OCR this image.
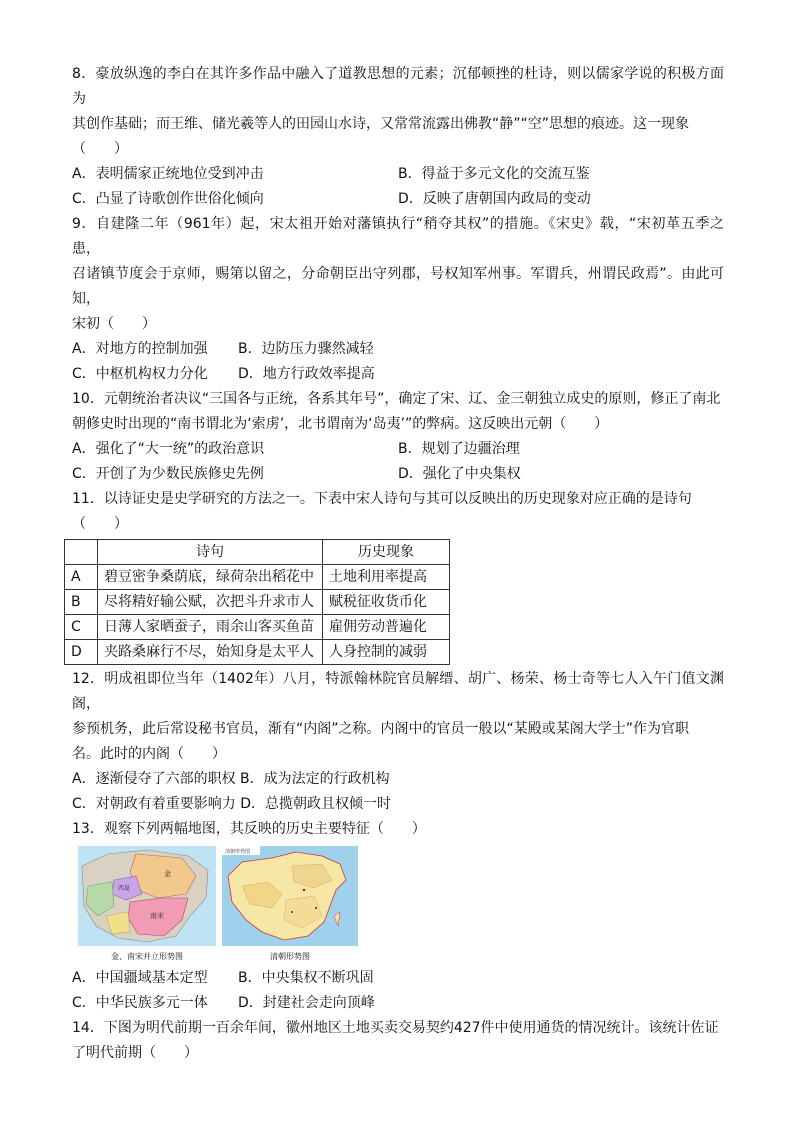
8．豪放纵逸的李白在其许多作品中融入了道教思想的元素；沉郁顿挫的杜诗，则以儒家学说的积极方面为

其创作基础；而王维、储光羲等人的田园山水诗，又常常流露出佛教“静”“空”思想的痕迹。这一现象

（　　）

A．表明儒家正统地位受到冲击	B．得益于多元文化的交流互鉴
C．凸显了诗歌创作世俗化倾向	D．反映了唐朝国内政局的变动

9．自建隆二年（961年）起，宋太祖开始对藩镇执行“稍夺其权”的措施。《宋史》载，“宋初革五季之患，

召诸镇节度会于京师，赐第以留之，分命朝臣出守列郡，号权知军州事。军谓兵，州谓民政焉”。由此可知，

宋初（　　）

A．对地方的控制加强	B．边防压力骤然减轻
C．中枢机构权力分化	D．地方行政效率提高

10．元朝统治者决议“三国各与正统，各系其年号”，确定了宋、辽、金三朝独立成史的原则，修正了南北

朝修史时出现的“南书谓北为‘索虏’，北书谓南为‘岛夷’”的弊病。这反映出元朝（　　）

A．强化了“大一统”的政治意识	B．规划了边疆治理
C．开创了为少数民族修史先例	D．强化了中央集权

11．以诗证史是史学研究的方法之一。下表中宋人诗句与其可以反映出的历史现象对应正确的是诗句

（　　）

	诗句	历史现象
A	碧豆密争桑荫底，绿荷杂出稻花中	土地利用率提高
B	尽将精好输公赋，次把斗升求市人	赋税征收货币化
C	日薄人家晒蚕子，雨余山客买鱼苗	雇佣劳动普遍化
D	夹路桑麻行不尽，始知身是太平人	人身控制的减弱

12．明成祖即位当年（1402年）八月，特派翰林院官员解缙、胡广、杨荣、杨士奇等七人入午门值文渊阁，

参预机务，此后常设秘书官员，渐有“内阁”之称。内阁中的官员一般以“某殿或某阁大学士”作为官职

名。此时的内阁（　　）

A．逐渐侵夺了六部的职权 B．成为法定的行政机构

C．对朝政有着重要影响力 D．总揽朝政且权倾一时

13．观察下列两幅地图，其反映的历史主要特征（　　）

金
西夏
南宋
金、南宋并立形势图
清朝形势图
清朝形势图
A．中国疆域基本定型	B．中央集权不断巩固
C．中华民族多元一体	D．封建社会走向顶峰

14．下图为明代前期一百余年间，徽州地区土地买卖交易契约427件中使用通货的情况统计。该统计佐证

了明代前期（　　）
